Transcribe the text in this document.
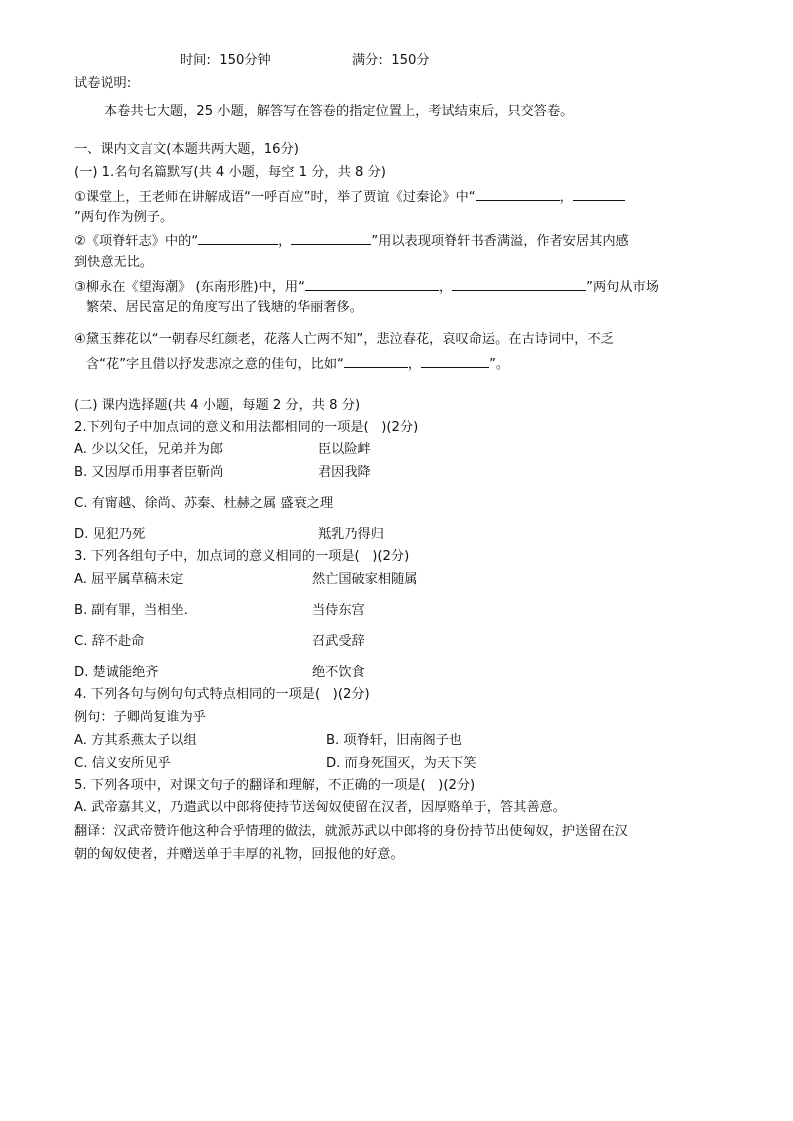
时间:  150分钟	满分:  150分
试卷说明:
本卷共七大题，25 小题，解答写在答卷的指定位置上，考试结束后，只交答卷。
一、课内文言文(本题共两大题，16分)
(一) 1.名句名篇默写(共 4 小题，每空 1 分，共 8 分)
①课堂上，王老师在讲解成语“一呼百应”时，举了贾谊《过秦论》中“	，
”两句作为例子。
②《项脊轩志》中的“	，	”用以表现项脊轩书香满溢，作者安居其内感
到快意无比。
③柳永在《望海潮》 (东南形胜)中，用“	，	”两句从市场
繁荣、居民富足的角度写出了钱塘的华丽奢侈。
④黛玉葬花以“一朝春尽红颜老，花落人亡两不知”，悲泣春花，哀叹命运。在古诗词中，不乏
含“花”字且借以抒发悲凉之意的佳句，比如“	，	”。
(二) 课内选择题(共 4 小题，每题 2 分，共 8 分)
2.下列句子中加点词的意义和用法都相同的一项是(   )(2分)
A. 少以父任，兄弟并为郎	臣以险衅
B. 又因厚币用事者臣靳尚	君因我降
C. 有甯越、徐尚、苏秦、杜赫之属 盛衰之理
D. 见犯乃死	羝乳乃得归
3. 下列各组句子中，加点词的意义相同的一项是(   )(2分)
A. 屈平属草稿未定	然亡国破家相随属
B. 副有罪，当相坐.	当侍东宫
C. 辞不赴命	召武受辞
D. 楚诚能绝齐	绝不饮食
4. 下列各句与例句句式特点相同的一项是(   )(2分)
例句：子卿尚复谁为乎
A. 方其系燕太子以组	B. 项脊轩，旧南阁子也
C. 信义安所见乎	D. 而身死国灭，为天下笑
5. 下列各项中，对课文句子的翻译和理解，不正确的一项是(   )(2分)
A. 武帝嘉其义，乃遣武以中郎将使持节送匈奴使留在汉者，因厚赂单于，答其善意。
翻译：汉武帝赞许他这种合乎情理的做法，就派苏武以中郎将的身份持节出使匈奴，护送留在汉
朝的匈奴使者，并赠送单于丰厚的礼物，回报他的好意。
